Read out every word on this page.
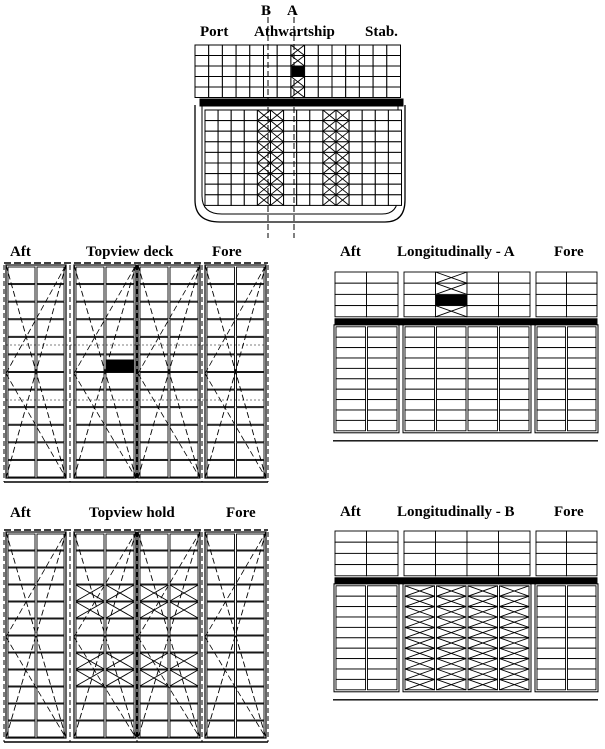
Port Athwartship Stab.
B A
Aft	Topview deck	Fore	Aft Longitudinally - A	Fore
Aft	Topview hold	Fore	Aft Longitudinally - B	Fore
